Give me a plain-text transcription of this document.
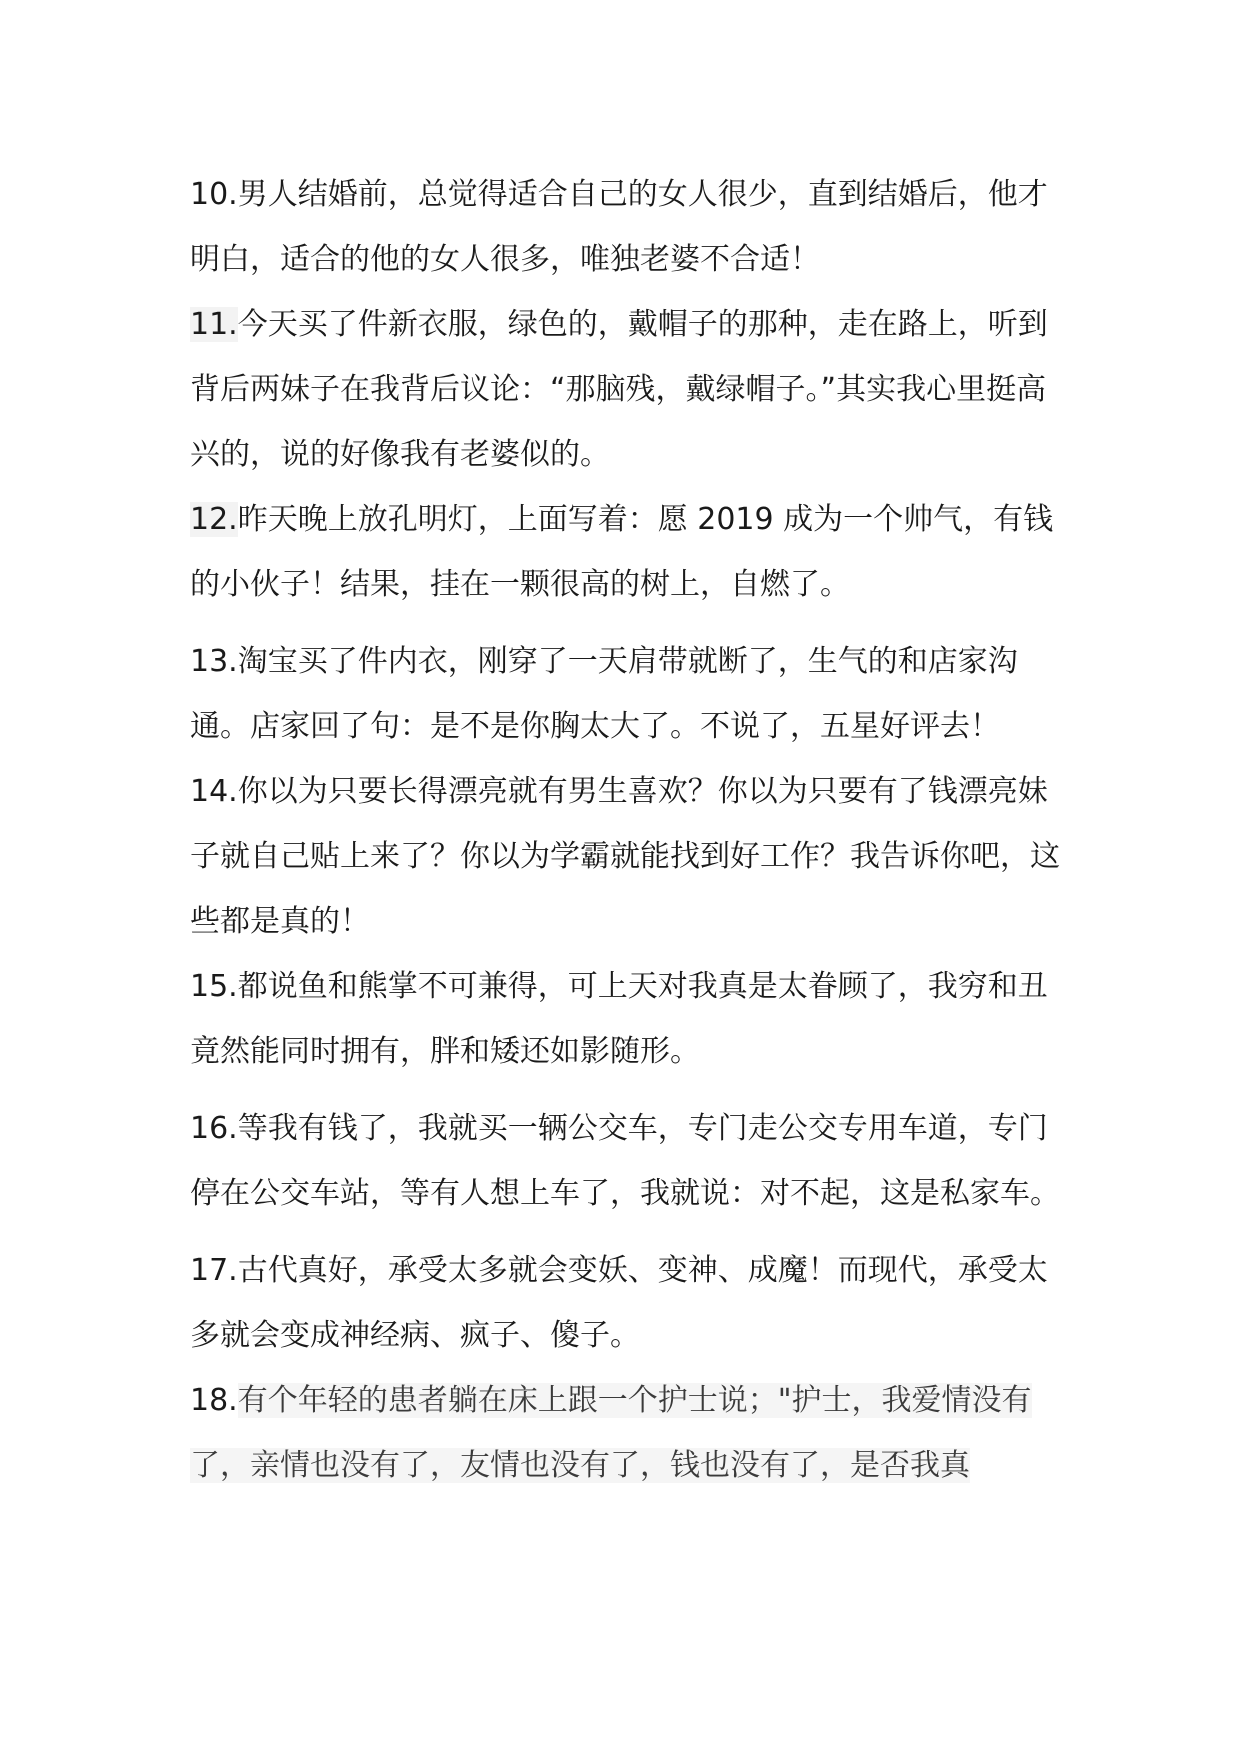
10.男人结婚前，总觉得适合自己的女人很少，直到结婚后，他才明白，适合的他的女人很多，唯独老婆不合适！

11.今天买了件新衣服，绿色的，戴帽子的那种，走在路上，听到背后两妹子在我背后议论：“那脑残，戴绿帽子。”其实我心里挺高兴的，说的好像我有老婆似的。

12.昨天晚上放孔明灯，上面写着：愿 2019 成为一个帅气，有钱的小伙子！结果，挂在一颗很高的树上，自燃了。

13.淘宝买了件内衣，刚穿了一天肩带就断了，生气的和店家沟通。店家回了句：是不是你胸太大了。不说了，五星好评去！

14.你以为只要长得漂亮就有男生喜欢？你以为只要有了钱漂亮妹子就自己贴上来了？你以为学霸就能找到好工作？我告诉你吧，这些都是真的！

15.都说鱼和熊掌不可兼得，可上天对我真是太眷顾了，我穷和丑竟然能同时拥有，胖和矮还如影随形。

16.等我有钱了，我就买一辆公交车，专门走公交专用车道，专门停在公交车站，等有人想上车了，我就说：对不起，这是私家车。

17.古代真好，承受太多就会变妖、变神、成魔！而现代，承受太多就会变成神经病、疯子、傻子。

18.有个年轻的患者躺在床上跟一个护士说；"护士，我爱情没有了，亲情也没有了，友情也没有了，钱也没有了，是否我真
